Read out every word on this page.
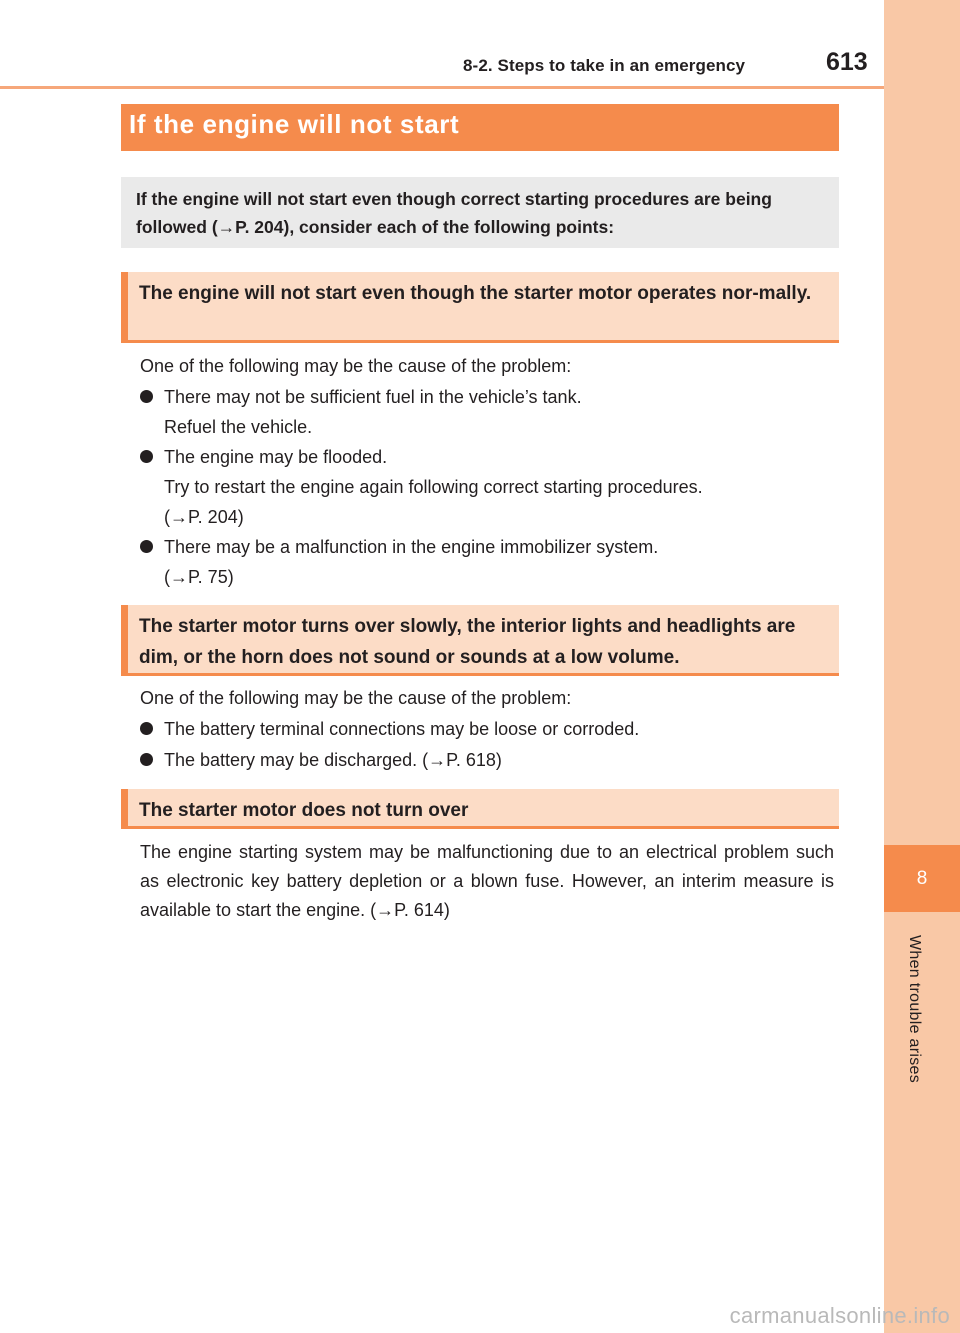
8-2. Steps to take in an emergency	613
8
When trouble arises
If the engine will not start
If the engine will not start even though correct starting procedures are being followed (→P. 204), consider each of the following points:
The engine will not start even though the starter motor operates nor-mally.
One of the following may be the cause of the problem:
There may not be sufficient fuel in the vehicle’s tank.
Refuel the vehicle.
The engine may be flooded.
Try to restart the engine again following correct starting procedures.
(→P. 204)
There may be a malfunction in the engine immobilizer system.
(→P. 75)
The starter motor turns over slowly, the interior lights and headlights are dim, or the horn does not sound or sounds at a low volume.
One of the following may be the cause of the problem:
The battery terminal connections may be loose or corroded.
The battery may be discharged. (→P. 618)
The starter motor does not turn over
The engine starting system may be malfunctioning due to an electrical problem such as electronic key battery depletion or a blown fuse. However, an interim measure is available to start the engine. (→P. 614)
carmanualsonline.info
